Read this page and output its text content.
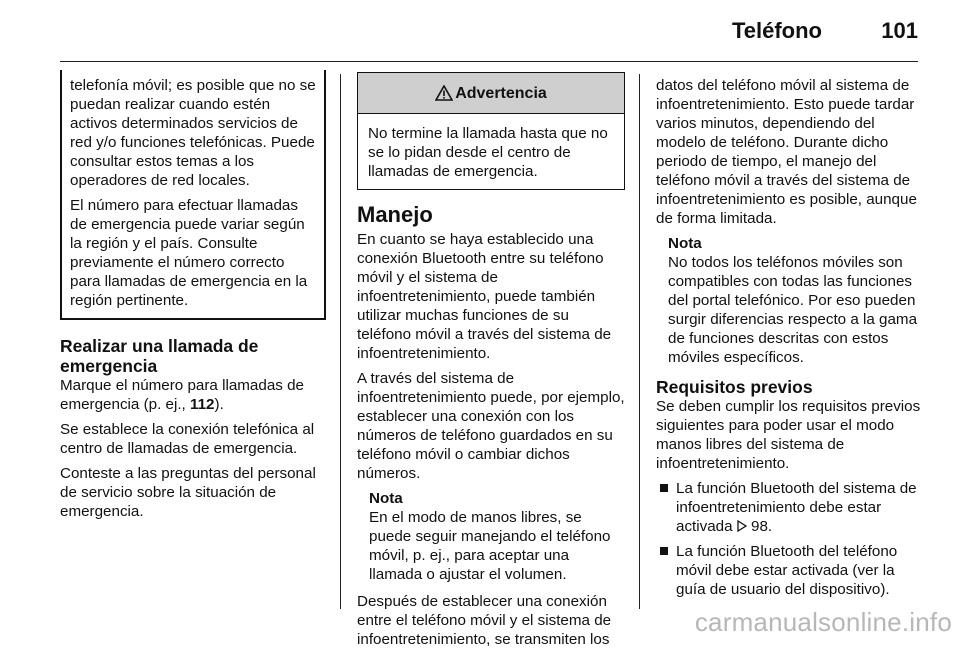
Teléfono	101

telefonía móvil; es posible que no se puedan realizar cuando estén activos determinados servicios de red y/o funciones telefónicas. Puede consultar estos temas a los operadores de red locales.

El número para efectuar llamadas de emergencia puede variar según la región y el país. Consulte previamente el número correcto para llamadas de emergencia en la región pertinente.

Realizar una llamada de emergencia

Marque el número para llamadas de emergencia (p. ej., 112).

Se establece la conexión telefónica al centro de llamadas de emergencia.

Conteste a las preguntas del personal de servicio sobre la situación de emergencia.

Advertencia
No termine la llamada hasta que no se lo pidan desde el centro de llamadas de emergencia.
Manejo

En cuanto se haya establecido una conexión Bluetooth entre su teléfono móvil y el sistema de infoentretenimiento, puede también utilizar muchas funciones de su teléfono móvil a través del sistema de infoentretenimiento.

A través del sistema de infoentretenimiento puede, por ejemplo, establecer una conexión con los números de teléfono guardados en su teléfono móvil o cambiar dichos números.

Nota
En el modo de manos libres, se puede seguir manejando el teléfono móvil, p. ej., para aceptar una llamada o ajustar el volumen.

Después de establecer una conexión entre el teléfono móvil y el sistema de infoentretenimiento, se transmiten los

datos del teléfono móvil al sistema de infoentretenimiento. Esto puede tardar varios minutos, dependiendo del modelo de teléfono. Durante dicho periodo de tiempo, el manejo del teléfono móvil a través del sistema de infoentretenimiento es posible, aunque de forma limitada.

Nota
No todos los teléfonos móviles son compatibles con todas las funciones del portal telefónico. Por eso pueden surgir diferencias respecto a la gama de funciones descritas con estos móviles específicos.
Requisitos previos

Se deben cumplir los requisitos previos siguientes para poder usar el modo manos libres del sistema de infoentretenimiento.

La función Bluetooth del sistema de infoentretenimiento debe estar activada  98.
La función Bluetooth del teléfono móvil debe estar activada (ver la guía de usuario del dispositivo).
carmanualsonline.info
